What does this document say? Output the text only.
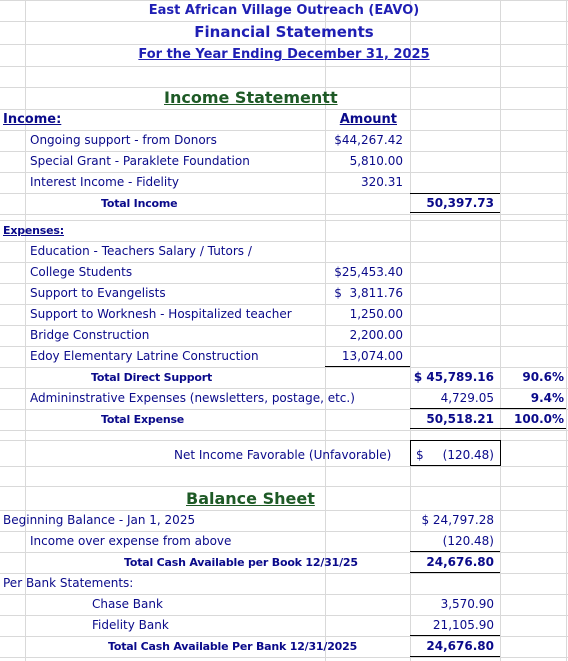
East African Village Outreach (EAVO)
Financial Statements
For the Year Ending December 31, 2025
Income Statementt
Income:	Amount
Ongoing support - from Donors	$44,267.42
Special Grant - Paraklete Foundation	5,810.00
Interest Income - Fidelity	320.31
Total Income	50,397.73
Expenses:
Education - Teachers Salary / Tutors /
College Students	$25,453.40
Support to Evangelists	$  3,811.76
Support to Worknesh - Hospitalized teacher	1,250.00
Bridge Construction	2,200.00
Edoy Elementary Latrine Construction	13,074.00
Total Direct Support	$ 45,789.16	90.6%
Admininstrative Expenses (newsletters, postage, etc.)	4,729.05	9.4%
Total Expense	50,518.21	100.0%
Net Income Favorable (Unfavorable) $	(120.48)
Balance Sheet
Beginning Balance - Jan 1, 2025	$ 24,797.28
Income over expense from above	(120.48)
Total Cash Available per Book 12/31/25	24,676.80
Per Bank Statements:
Chase Bank	3,570.90
Fidelity Bank	21,105.90
Total Cash Available Per Bank 12/31/2025	24,676.80
